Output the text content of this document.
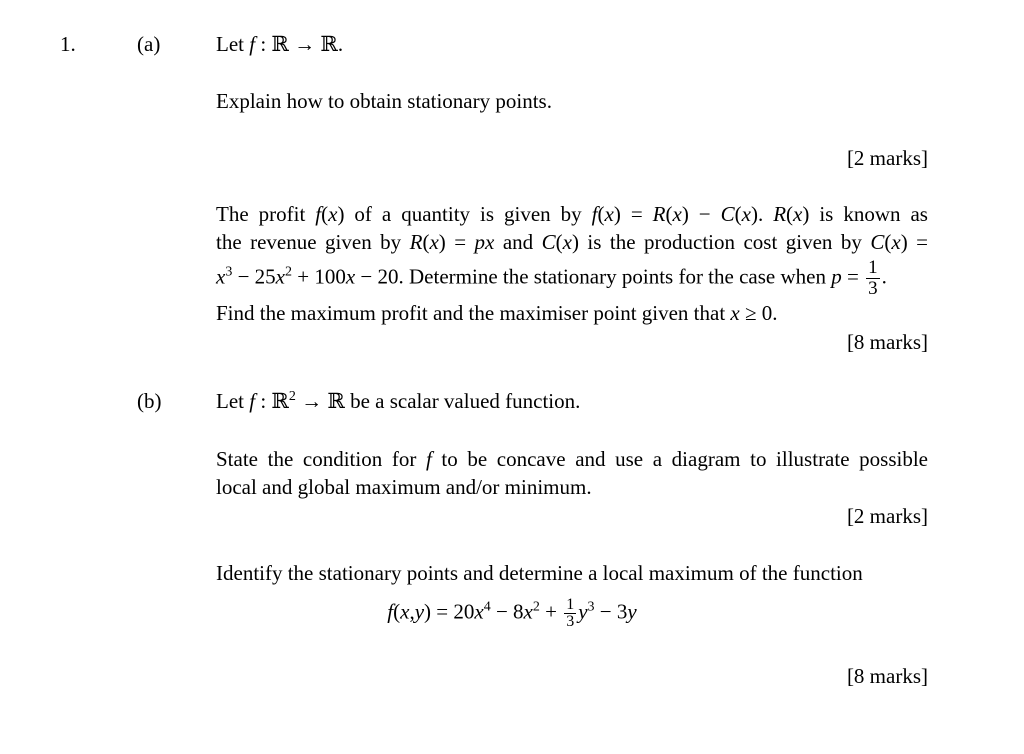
1.	(a)	Let f : ℝ → ℝ.
Explain how to obtain stationary points.
[2 marks]
The profit f(x) of a quantity is given by f(x) = R(x) − C(x). R(x) is known as
the revenue given by R(x) = px and C(x) is the production cost given by C(x) =
$x^3 - 25x^2 + 100x - 20$. Determine the stationary points for the case when $p = \frac{1}{3}$ .
Find the maximum profit and the maximiser point given that x ≥ 0.
[8 marks]
(b)	Let f : ℝ$^2$ → ℝ be a scalar valued function.
State the condition for f to be concave and use a diagram to illustrate possible
local and global maximum and/or minimum.
[2 marks]
Identify the stationary points and determine a local maximum of the function
$f(x,y) = 20x^4 - 8x^2 + \frac{1}{3} y^3 - 3y$
[8 marks]
